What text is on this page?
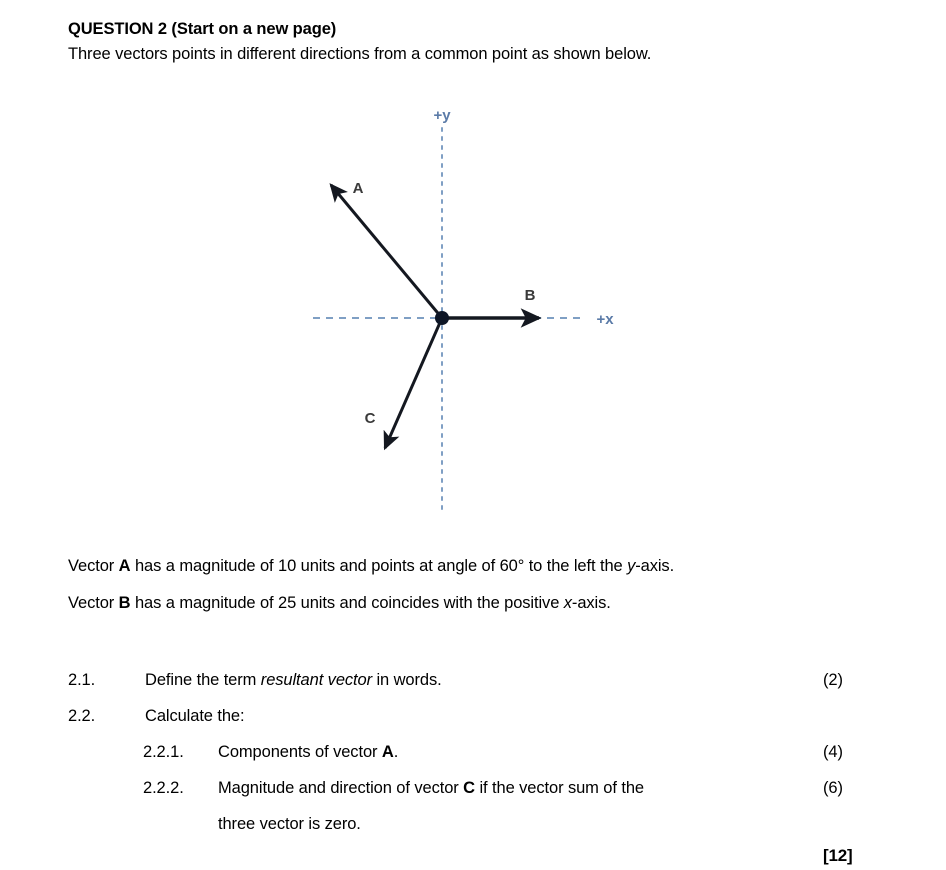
QUESTION 2 (Start on a new page)
Three vectors points in different directions from a common point as shown below.
+y
+x
A
B
C
Vector A has a magnitude of 10 units and points at angle of 60° to the left the y-axis.
Vector B has a magnitude of 25 units and coincides with the positive x-axis.
2.1.	Define the term resultant vector in words.	(2)
2.2.	Calculate the:
2.2.1.	Components of vector A.	(4)
2.2.2.	Magnitude and direction of vector C if the vector sum of the	(6)
three vector is zero.
[12]
